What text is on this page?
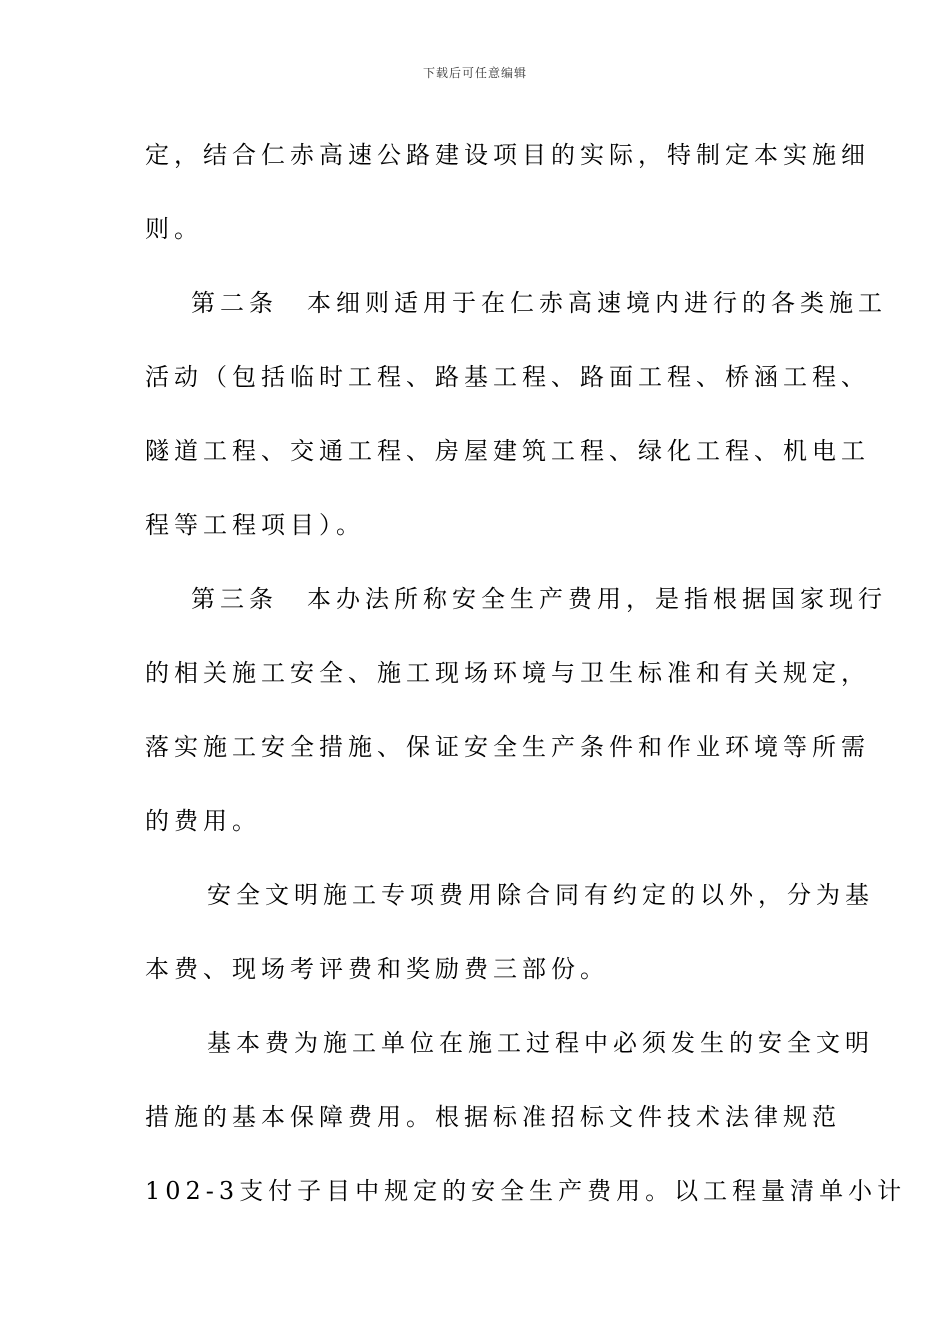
下载后可任意编辑
定，结合仁赤高速公路建设项目的实际，特制定本实施细
则。
第二条　本细则适用于在仁赤高速境内进行的各类施工
活动（包括临时工程、路基工程、路面工程、桥涵工程、
隧道工程、交通工程、房屋建筑工程、绿化工程、机电工
程等工程项目）。
第三条　本办法所称安全生产费用，是指根据国家现行
的相关施工安全、施工现场环境与卫生标准和有关规定，
落实施工安全措施、保证安全生产条件和作业环境等所需
的费用。
安全文明施工专项费用除合同有约定的以外，分为基
本费、现场考评费和奖励费三部份。
基本费为施工单位在施工过程中必须发生的安全文明
措施的基本保障费用。根据标准招标文件技术法律规范
102-3支付子目中规定的安全生产费用。以工程量清单小计
